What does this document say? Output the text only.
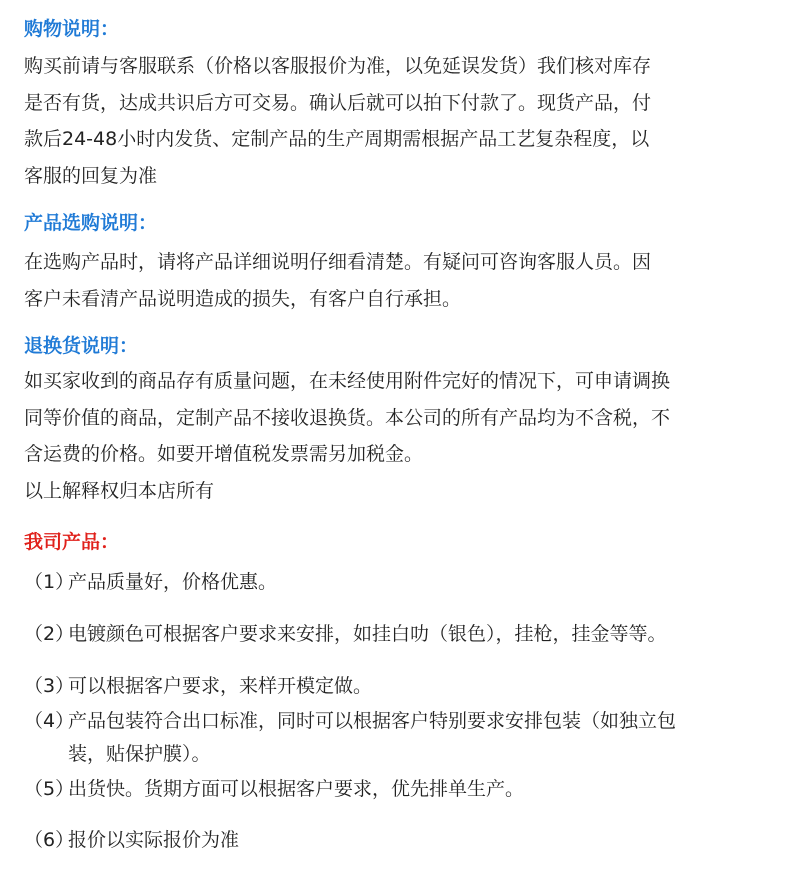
购物说明：
购买前请与客服联系（价格以客服报价为准，以免延误发货）我们核对库存
是否有货，达成共识后方可交易。确认后就可以拍下付款了。现货产品，付
款后24-48小时内发货、定制产品的生产周期需根据产品工艺复杂程度，以
客服的回复为准
产品选购说明：
在选购产品时，请将产品详细说明仔细看清楚。有疑问可咨询客服人员。因
客户未看清产品说明造成的损失，有客户自行承担。
退换货说明：
如买家收到的商品存有质量问题，在未经使用附件完好的情况下，可申请调换
同等价值的商品，定制产品不接收退换货。本公司的所有产品均为不含税，不
含运费的价格。如要开增值税发票需另加税金。
以上解释权归本店所有
我司产品：
（1）
产品质量好，价格优惠。
（2）
电镀颜色可根据客户要求来安排，如挂白叻（银色），挂枪，挂金等等。
（3）
可以根据客户要求，来样开模定做。
（4）
产品包装符合出口标准，同时可以根据客户特别要求安排包装（如独立包
装，贴保护膜）。
（5）
出货快。货期方面可以根据客户要求，优先排单生产。
（6）
报价以实际报价为准
